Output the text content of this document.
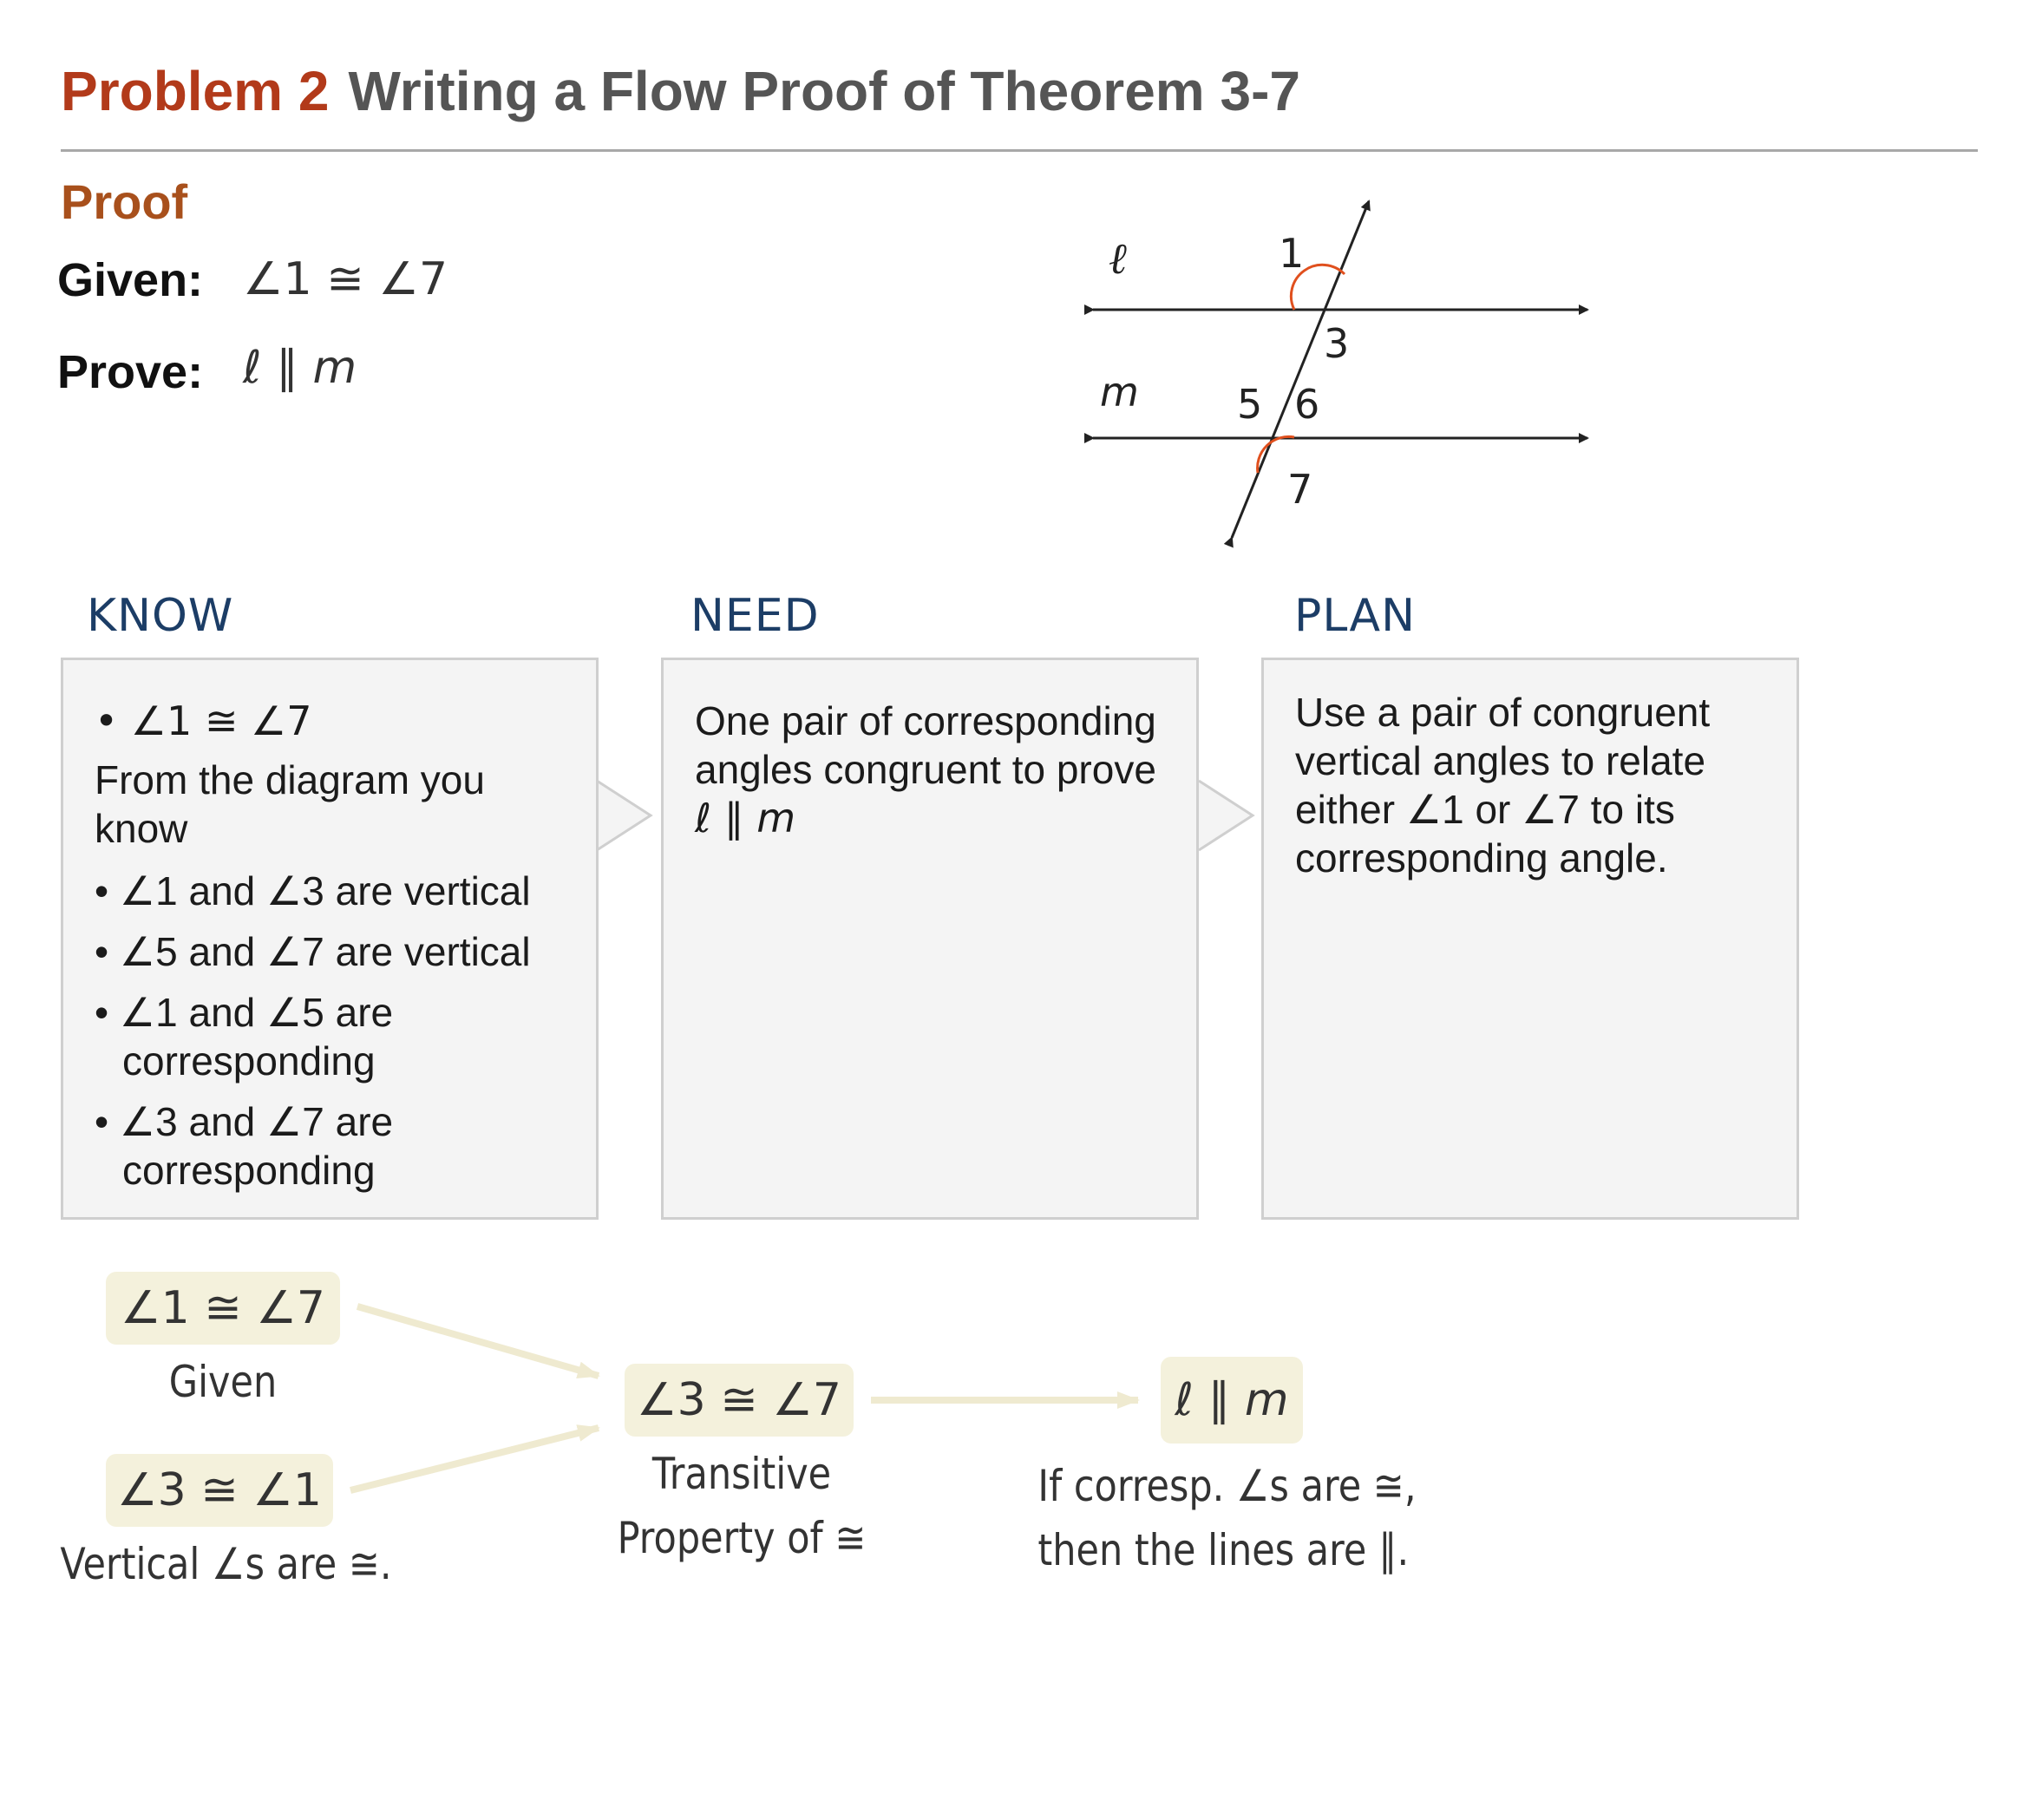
Problem 2 Writing a Flow Proof of Theorem 3-7
Proof
Given: ∠1 ≅ ∠7
Prove: ℓ ∥ m
ℓ
m
1
3
5 6
7
KNOW	NEED	PLAN
• ∠1 ≅ ∠7
From the diagram you
know
• ∠1 and ∠3 are vertical
• ∠5 and ∠7 are vertical
• ∠1 and ∠5 are
corresponding
• ∠3 and ∠7 are
corresponding
One pair of corresponding
angles congruent to prove
ℓ ∥ m
Use a pair of congruent
vertical angles to relate
either ∠1 or ∠7 to its
corresponding angle.
∠1 ≅ ∠7
Given
∠3 ≅ ∠1
Vertical ∠s are ≅.
∠3 ≅ ∠7
Transitive
Property of ≅
ℓ ∥ m
If corresp. ∠s are ≅,
then the lines are ∥.
